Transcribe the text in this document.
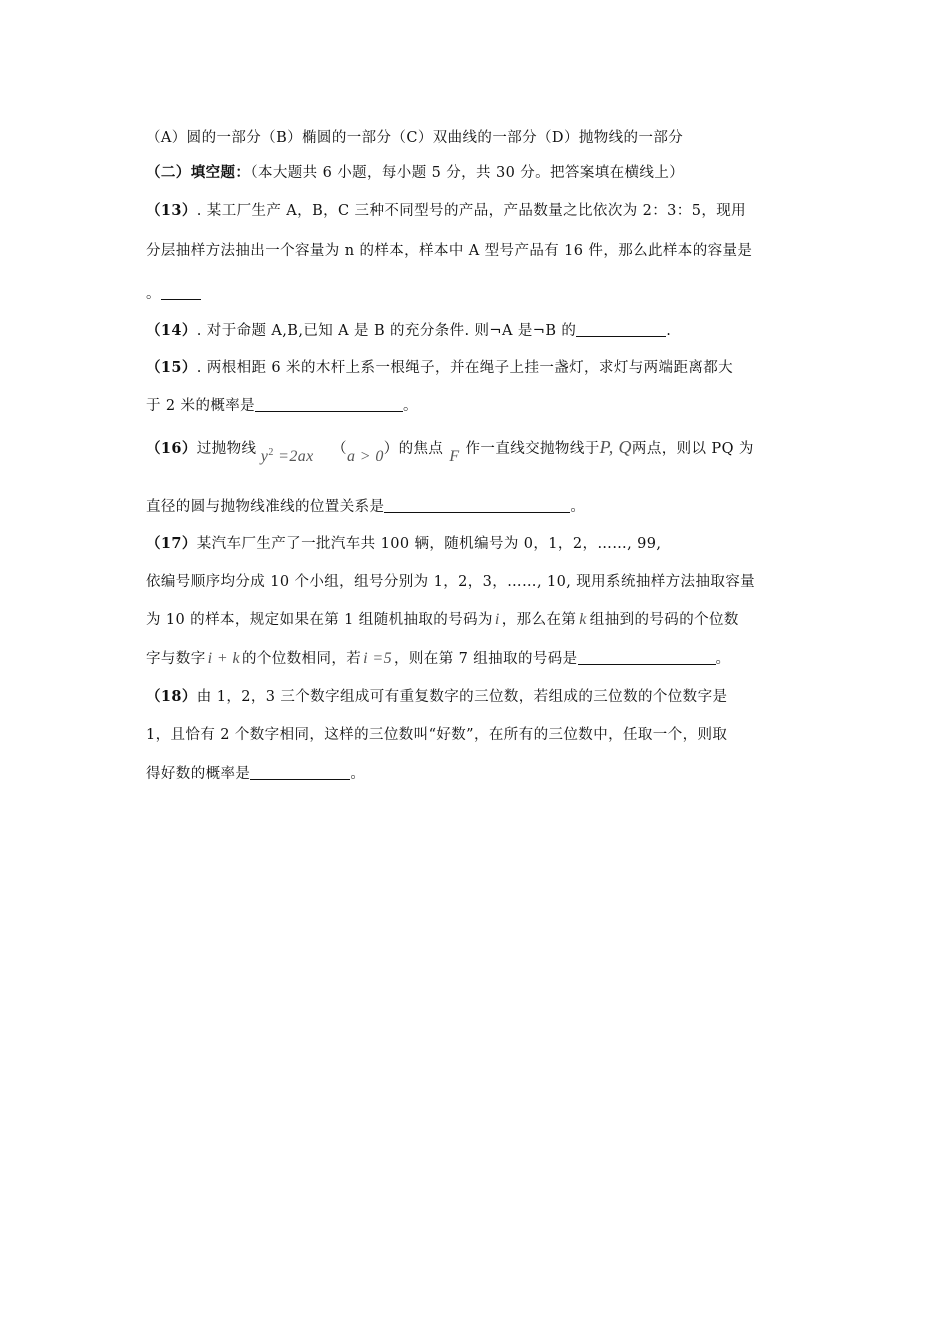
（A）圆的一部分（B）椭圆的一部分（C）双曲线的一部分（D）抛物线的一部分
（二）填空题：（本大题共 6 小题，每小题 5 分，共 30 分。把答案填在横线上）
（13）. 某工厂生产 A，B，C 三种不同型号的产品，产品数量之比依次为 2：3：5，现用
分层抽样方法抽出一个容量为 n 的样本，样本中 A 型号产品有 16 件，那么此样本的容量是
。
（14）. 对于命题 A,B,已知 A 是 B 的充分条件. 则¬A 是¬B 的	.
（15）. 两根相距 6 米的木杆上系一根绳子，并在绳子上挂一盏灯，求灯与两端距离都大
于 2 米的概率是	。
（16）过抛物线 $y^2 =2ax$ （a > 0）的焦点 F 作一直线交抛物线于P, Q两点，则以 PQ 为
直径的圆与抛物线准线的位置关系是	。
（17）某汽车厂生产了一批汽车共 100 辆，随机编号为 0，1，2，……, 99,
依编号顺序均分成 10 个小组，组号分别为 1，2，3，……, 10, 现用系统抽样方法抽取容量
为 10 的样本，规定如果在第 1 组随机抽取的号码为 i ，那么在第 k 组抽到的号码的个位数
字与数字 i + k 的个位数相同，若 i =5 ，则在第 7 组抽取的号码是	。
（18）由 1，2，3 三个数字组成可有重复数字的三位数，若组成的三位数的个位数字是
1，且恰有 2 个数字相同，这样的三位数叫“好数”，在所有的三位数中，任取一个，则取
得好数的概率是	。
